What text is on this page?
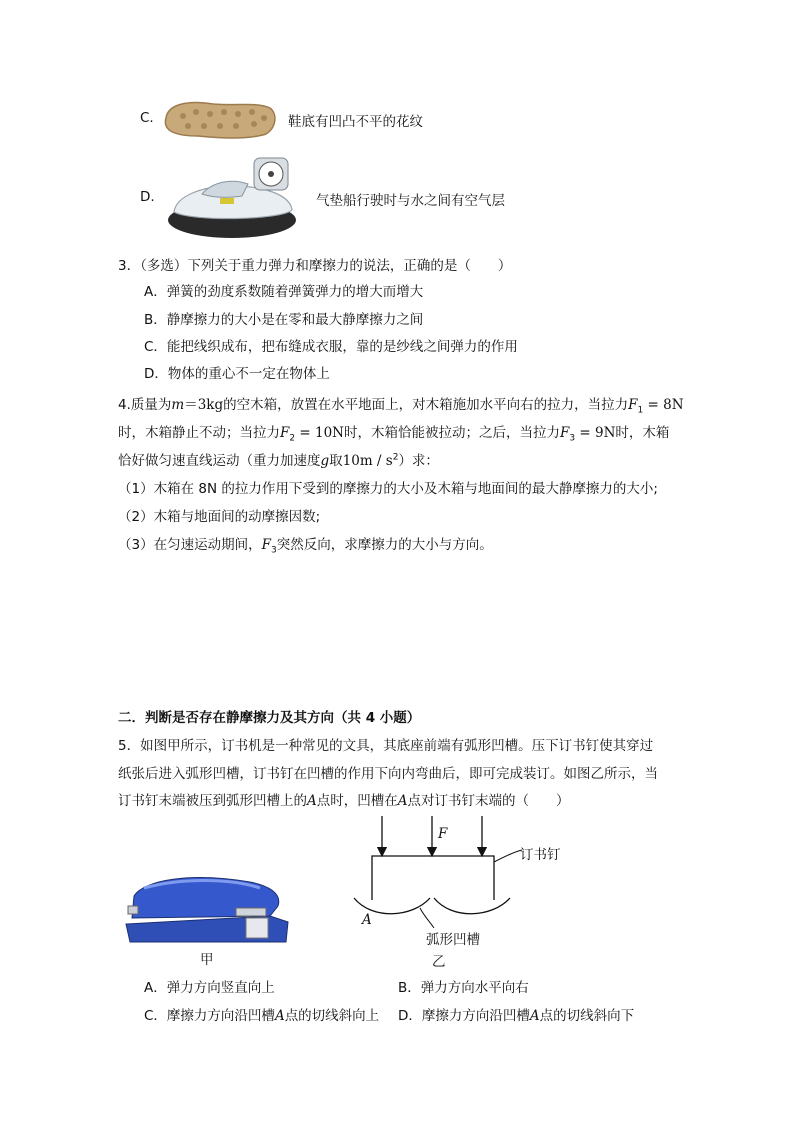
C.	鞋底有凹凸不平的花纹
D.	气垫船行驶时与水之间有空气层
3．（多选）下列关于重力弹力和摩擦力的说法，正确的是（　　）
A．弹簧的劲度系数随着弹簧弹力的增大而增大
B．静摩擦力的大小是在零和最大静摩擦力之间
C．能把线织成布，把布缝成衣服，靠的是纱线之间弹力的作用
D．物体的重心不一定在物体上
4.质量为m＝3kg的空木箱，放置在水平地面上，对木箱施加水平向右的拉力，当拉力$F_1 = 8N$
时，木箱静止不动；当拉力$F_2 = 10N$时，木箱恰能被拉动；之后，当拉力$F_3 = 9N$时，木箱
恰好做匀速直线运动（重力加速度g取$10m / s^2$）求：
（1）木箱在 8N 的拉力作用下受到的摩擦力的大小及木箱与地面间的最大静摩擦力的大小;
（2）木箱与地面间的动摩擦因数;
（3）在匀速运动期间，$F_3$突然反向，求摩擦力的大小与方向。
二．判断是否存在静摩擦力及其方向（共 4 小题）
5．如图甲所示，订书机是一种常见的文具，其底座前端有弧形凹槽。压下订书钉使其穿过
纸张后进入弧形凹槽，订书钉在凹槽的作用下向内弯曲后，即可完成装订。如图乙所示，当
订书钉末端被压到弧形凹槽上的A点时，凹槽在A点对订书钉末端的（　　）
甲
F
订书钉
A
弧形凹槽
乙
A．弹力方向竖直向上	B．弹力方向水平向右
C．摩擦力方向沿凹槽A点的切线斜向上 D．摩擦力方向沿凹槽A点的切线斜向下
